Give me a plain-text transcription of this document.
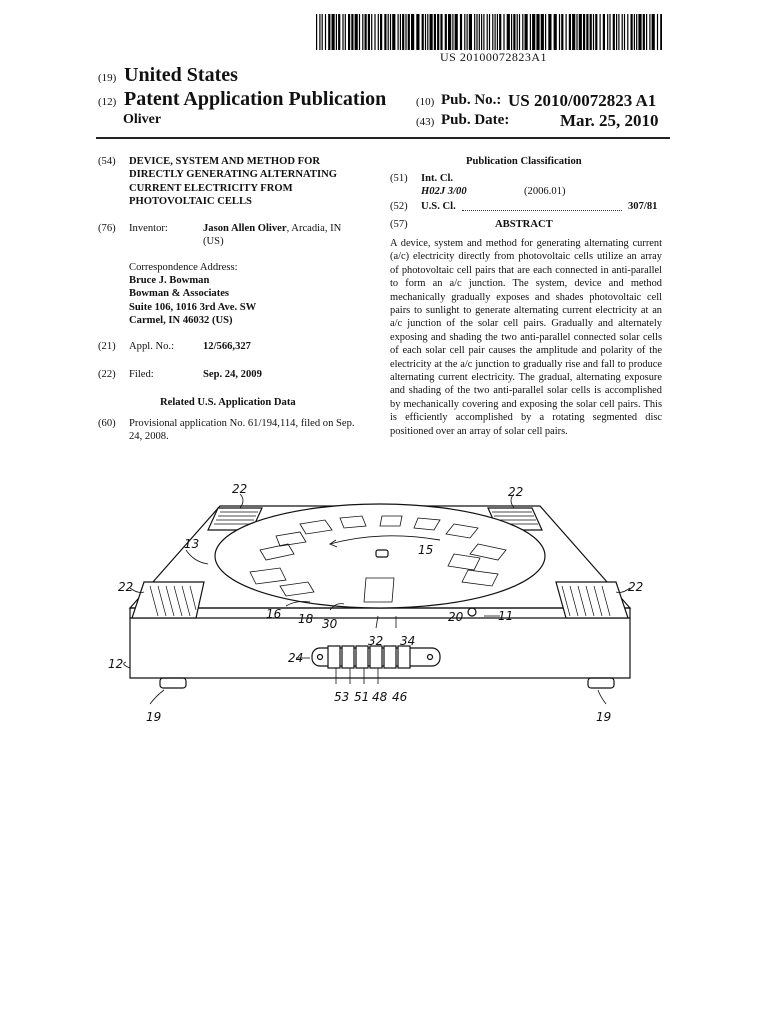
US 20100072823A1
(19) United States
(12) Patent Application Publication
Oliver
(10) Pub. No.: US 2010/0072823 A1
(43) Pub. Date:	Mar. 25, 2010
(54) DEVICE, SYSTEM AND METHOD FOR
DIRECTLY GENERATING ALTERNATING
CURRENT ELECTRICITY FROM
PHOTOVOLTAIC CELLS
(76) Inventor:	Jason Allen Oliver, Arcadia, IN
(US)
Correspondence Address:
Bruce J. Bowman
Bowman & Associates
Suite 106, 1016 3rd Ave. SW
Carmel, IN 46032 (US)
(21) Appl. No.:	12/566,327
(22) Filed:	Sep. 24, 2009
Related U.S. Application Data
(60) Provisional application No. 61/194,114, filed on Sep.
24, 2008.
Publication Classification
(51) Int. Cl.
H02J 3/00	(2006.01)
(52) U.S. Cl.	307/81
(57)	ABSTRACT
A device, system and method for generating alternating current (a/c) electricity directly from photovoltaic cells utilize an array of photovoltaic cell pairs that are each connected in anti-parallel to form an a/c junction. The system, device and method mechanically gradually exposes and shades photovoltaic cell pairs to sunlight to generate alternating current electricity at an a/c junction of the solar cell pairs. Gradually and alternately exposing and shading the two anti-parallel connected solar cells of each solar cell pair causes the amplitude and polarity of the electricity at the a/c junction to gradually rise and fall to produce alternating current electricity. The gradual, alternating exposure and shading of the two anti-parallel solar cells is accomplished by mechanically covering and exposing the solar cell pairs. This is efficiently accomplished by a rotating segmented disc positioned over an array of solar cell pairs.
22	22
22	22
13	15
16 18 30	20	11
32 34
12	24
53 51 48 46
19	19
